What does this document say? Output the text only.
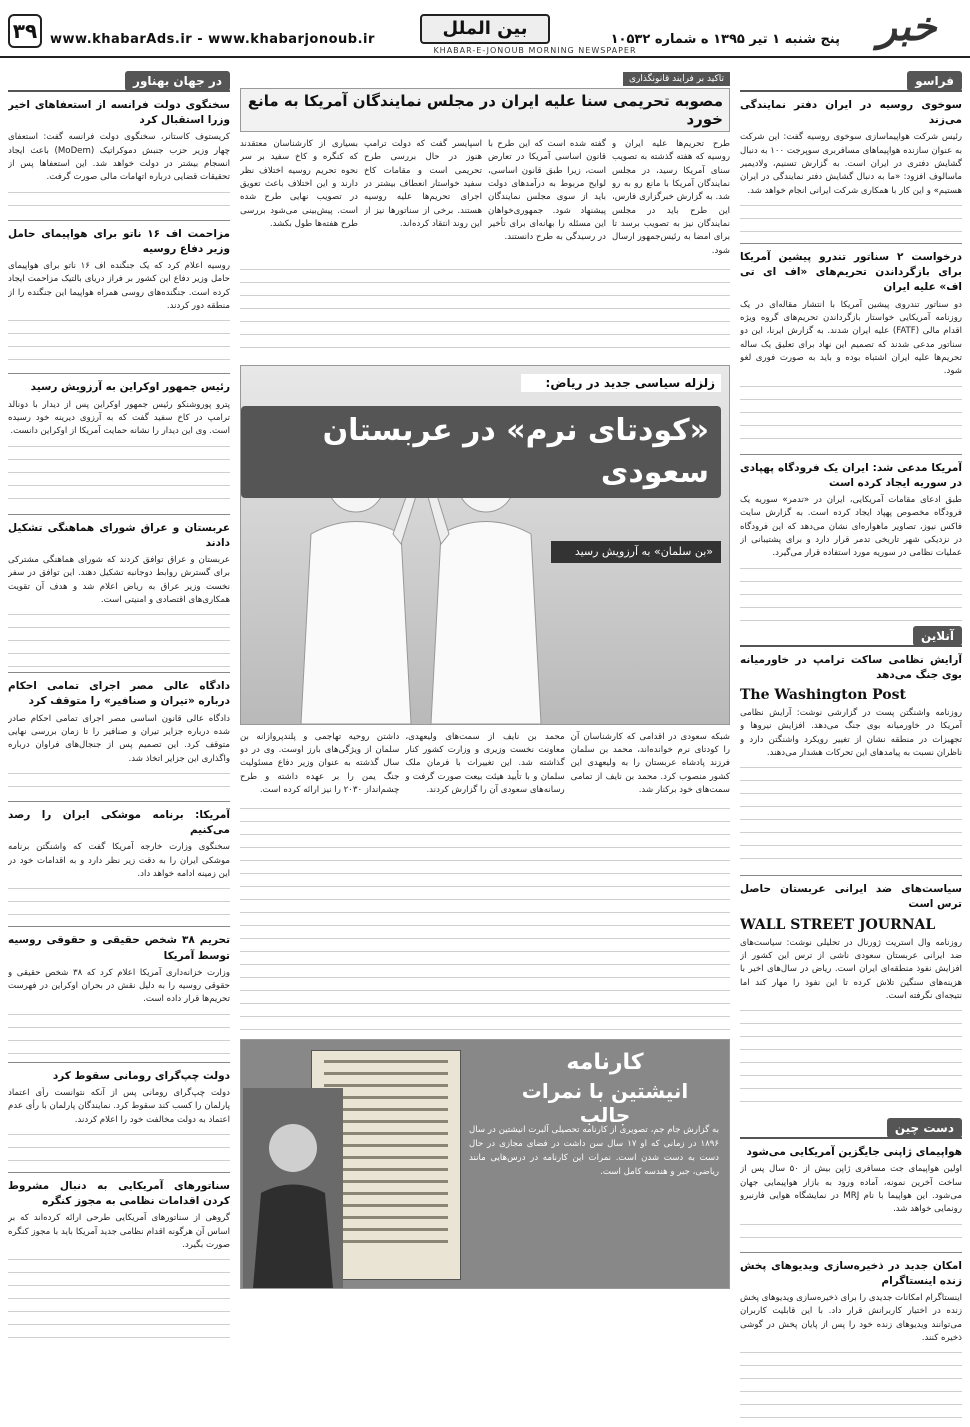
۳۹ www.khabarAds.ir - www.khabarjonoub.ir
بین الملل
KHABAR-E-JONOUB MORNING NEWSPAPER
پنج شنبه ۱ تیر ۱۳۹۵ ه شماره ۱۰۵۳۲ خبر
فراسو
سوخوی روسیه در ایران دفتر نمایندگی می‌زند

رئیس شرکت هواپیماسازی سوخوی روسیه گفت: این شرکت به عنوان سازنده هواپیماهای مسافربری سوپرجت ۱۰۰ به دنبال گشایش دفتری در ایران است. به گزارش تسنیم، ولادیمیر ماسالوف افزود: «ما به دنبال گشایش دفتر نمایندگی در ایران هستیم» و این کار با همکاری شرکت ایرانی انجام خواهد شد.

درخواست ۲ سناتور تندرو پیشین آمریکا برای بازگرداندن تحریم‌های «اف ای تی اف» علیه ایران

دو سناتور تندروی پیشین آمریکا با انتشار مقاله‌ای در یک روزنامه آمریکایی خواستار بازگرداندن تحریم‌های گروه ویژه اقدام مالی (FATF) علیه ایران شدند. به گزارش ایرنا، این دو سناتور مدعی شدند که تصمیم این نهاد برای تعلیق یک ساله تحریم‌ها علیه ایران اشتباه بوده و باید به صورت فوری لغو شود.

آمریکا مدعی شد: ایران یک فرودگاه پهپادی در سوریه ایجاد کرده است

طبق ادعای مقامات آمریکایی، ایران در «تدمر» سوریه یک فرودگاه مخصوص پهپاد ایجاد کرده است. به گزارش سایت فاکس نیوز، تصاویر ماهواره‌ای نشان می‌دهد که این فرودگاه در نزدیکی شهر تاریخی تدمر قرار دارد و برای پشتیبانی از عملیات نظامی در سوریه مورد استفاده قرار می‌گیرد.

آنلاین
آرایش نظامی ساکت ترامپ در خاورمیانه بوی جنگ می‌دهد
The Washington Post

روزنامه واشنگتن پست در گزارشی نوشت: آرایش نظامی آمریکا در خاورمیانه بوی جنگ می‌دهد. افزایش نیروها و تجهیزات در منطقه نشان از تغییر رویکرد واشنگتن دارد و ناظران نسبت به پیامدهای این تحرکات هشدار می‌دهند.

سیاست‌های ضد ایرانی عربستان حاصل ترس است
WALL STREET JOURNAL

روزنامه وال استریت ژورنال در تحلیلی نوشت: سیاست‌های ضد ایرانی عربستان سعودی ناشی از ترس این کشور از افزایش نفوذ منطقه‌ای ایران است. ریاض در سال‌های اخیر با هزینه‌های سنگین تلاش کرده تا این نفوذ را مهار کند اما نتیجه‌ای نگرفته است.

دست چین
هواپیمای ژاپنی جایگزین آمریکایی می‌شود

اولین هواپیمای جت مسافری ژاپن بیش از ۵۰ سال پس از ساخت آخرین نمونه، آماده ورود به بازار هواپیمایی جهان می‌شود. این هواپیما با نام MRJ در نمایشگاه هوایی فارنبرو رونمایی خواهد شد.

امکان جدید در ذخیره‌سازی ویدیوهای پخش زنده اینستاگرام

اینستاگرام امکانات جدیدی را برای ذخیره‌سازی ویدیوهای پخش زنده در اختیار کاربرانش قرار داد. با این قابلیت کاربران می‌توانند ویدیوهای زنده خود را پس از پایان پخش در گوشی ذخیره کنند.

تاکید بر فرایند قانونگذاری
مصوبه تحریمی سنا علیه ایران در مجلس نمایندگان آمریکا به مانع خورد

طرح تحریم‌ها علیه ایران و روسیه که هفته گذشته به تصویب سنای آمریکا رسید، در مجلس نمایندگان آمریکا با مانع رو به رو شد. به گزارش خبرگزاری فارس، این طرح باید در مجلس نمایندگان نیز به تصویب برسد تا برای امضا به رئیس‌جمهور ارسال شود.

گفته شده است که این طرح با قانون اساسی آمریکا در تعارض است، زیرا طبق قانون اساسی، لوایح مربوط به درآمدهای دولت باید از سوی مجلس نمایندگان پیشنهاد شود. جمهوری‌خواهان این مسئله را بهانه‌ای برای تأخیر در رسیدگی به طرح دانستند.

اسپایسر گفت که دولت ترامپ هنوز در حال بررسی طرح تحریمی است و مقامات کاخ سفید خواستار انعطاف بیشتر در اجرای تحریم‌ها علیه روسیه هستند. برخی از سناتورها نیز از این روند انتقاد کرده‌اند.

بسیاری از کارشناسان معتقدند که کنگره و کاخ سفید بر سر نحوه تحریم روسیه اختلاف نظر دارند و این اختلاف باعث تعویق در تصویب نهایی طرح شده است. پیش‌بینی می‌شود بررسی طرح هفته‌ها طول بکشد.

زلزله سیاسی جدید در ریاض:
«کودتای نرم» در عربستان سعودی
«بن سلمان» به آرزویش رسید

شبکه سعودی در اقدامی که کارشناسان آن را کودتای نرم خوانده‌اند، محمد بن سلمان فرزند پادشاه عربستان را به ولیعهدی این کشور منصوب کرد. محمد بن نایف از تمامی سمت‌های خود برکنار شد.

محمد بن نایف از سمت‌های ولیعهدی، معاونت نخست وزیری و وزارت کشور کنار گذاشته شد. این تغییرات با فرمان ملک سلمان و با تأیید هیئت بیعت صورت گرفت و رسانه‌های سعودی آن را گزارش کردند.

داشتن روحیه تهاجمی و پلندپروازانه بن سلمان از ویژگی‌های بارز اوست. وی در دو سال گذشته به عنوان وزیر دفاع مسئولیت جنگ یمن را بر عهده داشته و طرح چشم‌انداز ۲۰۳۰ را نیز ارائه کرده است.

کارنامه
انیشتین با نمرات جالب

به گزارش جام جم، تصویری از کارنامه تحصیلی آلبرت انیشتین در سال ۱۸۹۶ در زمانی که او ۱۷ سال سن داشت در فضای مجازی در حال دست به دست شدن است. نمرات این کارنامه در درس‌هایی مانند ریاضی، جبر و هندسه کامل است.

در جهان بهناور
سخنگوی دولت فرانسه از استعفاهای اخیر وزرا استقبال کرد

کریستوف کاستانر، سخنگوی دولت فرانسه گفت: استعفای چهار وزیر حزب جنبش دموکراتیک (MoDem) باعث ایجاد انسجام بیشتر در دولت خواهد شد. این استعفاها پس از تحقیقات قضایی درباره اتهامات مالی صورت گرفت.

مزاحمت اف ۱۶ ناتو برای هواپیمای حامل وزیر دفاع روسیه

روسیه اعلام کرد که یک جنگنده اف ۱۶ ناتو برای هواپیمای حامل وزیر دفاع این کشور بر فراز دریای بالتیک مزاحمت ایجاد کرده است. جنگنده‌های روسی همراه هواپیما این جنگنده را از منطقه دور کردند.

رئیس جمهور اوکراین به آرزویش رسید

پترو پوروشنکو رئیس جمهور اوکراین پس از دیدار با دونالد ترامپ در کاخ سفید گفت که به آرزوی دیرینه خود رسیده است. وی این دیدار را نشانه حمایت آمریکا از اوکراین دانست.

عربستان و عراق شورای هماهنگی تشکیل دادند

عربستان و عراق توافق کردند که شورای هماهنگی مشترکی برای گسترش روابط دوجانبه تشکیل دهند. این توافق در سفر نخست وزیر عراق به ریاض اعلام شد و هدف آن تقویت همکاری‌های اقتصادی و امنیتی است.

دادگاه عالی مصر اجرای تمامی احکام درباره «تیران و صنافیر» را متوقف کرد

دادگاه عالی قانون اساسی مصر اجرای تمامی احکام صادر شده درباره جزایر تیران و صنافیر را تا زمان بررسی نهایی متوقف کرد. این تصمیم پس از جنجال‌های فراوان درباره واگذاری این جزایر اتخاذ شد.

آمریکا: برنامه موشکی ایران را رصد می‌کنیم

سخنگوی وزارت خارجه آمریکا گفت که واشنگتن برنامه موشکی ایران را به دقت زیر نظر دارد و به اقدامات خود در این زمینه ادامه خواهد داد.

تحریم ۳۸ شخص حقیقی و حقوقی روسیه توسط آمریکا

وزارت خزانه‌داری آمریکا اعلام کرد که ۳۸ شخص حقیقی و حقوقی روسیه را به دلیل نقش در بحران اوکراین در فهرست تحریم‌ها قرار داده است.

دولت چپ‌گرای رومانی سقوط کرد

دولت چپ‌گرای رومانی پس از آنکه نتوانست رأی اعتماد پارلمان را کسب کند سقوط کرد. نمایندگان پارلمان با رأی عدم اعتماد به دولت مخالفت خود را اعلام کردند.

سناتورهای آمریکایی به دنبال مشروط کردن اقدامات نظامی به مجوز کنگره

گروهی از سناتورهای آمریکایی طرحی ارائه کرده‌اند که بر اساس آن هرگونه اقدام نظامی جدید آمریکا باید با مجوز کنگره صورت بگیرد.
